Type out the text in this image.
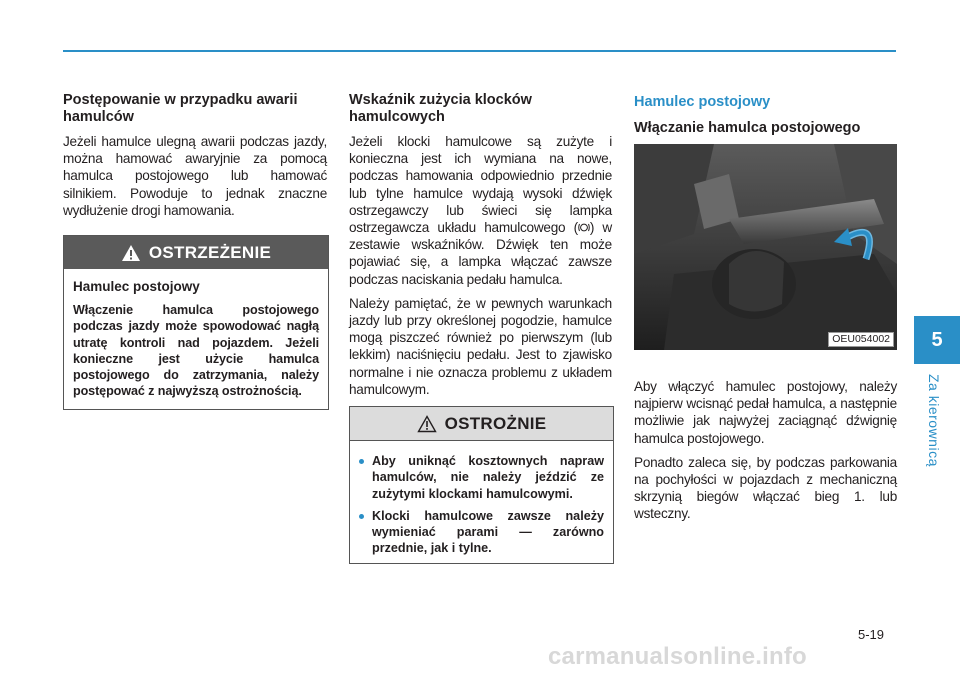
Postępowanie w przypadku awarii hamulców

Jeżeli hamulce ulegną awarii podczas jazdy, można hamować awaryjnie za pomocą hamulca postojowego lub hamować silnikiem. Powoduje to jednak znaczne wydłużenie drogi hamowania.

OSTRZEŻENIE
Hamulec postojowy

Włączenie hamulca postojowego podczas jazdy może spowodować nagłą utratę kontroli nad pojazdem. Jeżeli konieczne jest użycie hamulca postojowego do zatrzymania, należy postępować z najwyższą ostrożnością.

Wskaźnik zużycia klocków hamulcowych

Jeżeli klocki hamulcowe są zużyte i konieczna jest ich wymiana na nowe, podczas hamowania odpowiednio przednie lub tylne hamulce wydają wysoki dźwięk ostrzegawczy lub świeci się lampka ostrzegawcza układu hamulcowego ( ) w zestawie wskaźników. Dźwięk ten może pojawiać się, a lampka włączać zawsze podczas naciskania pedału hamulca.

Należy pamiętać, że w pewnych warunkach jazdy lub przy określonej pogodzie, hamulce mogą piszczeć również po pierwszym (lub lekkim) naciśnięciu pedału. Jest to zjawisko normalne i nie oznacza problemu z układem hamulcowym.

OSTROŻNIE
Aby uniknąć kosztownych napraw hamulców, nie należy jeździć ze zużytymi klockami hamulcowymi.
Klocki hamulcowe zawsze należy wymieniać parami — zarówno przednie, jak i tylne.
Hamulec postojowy
Włączanie hamulca postojowego
OEU054002

Aby włączyć hamulec postojowy, należy najpierw wcisnąć pedał hamulca, a następnie możliwie jak najwyżej zaciągnąć dźwignię hamulca postojowego.

Ponadto zaleca się, by podczas parkowania na pochyłości w pojazdach z mechaniczną skrzynią biegów włączać bieg 1. lub wsteczny.

5
Za kierownicą
5-19
carmanualsonline.info
